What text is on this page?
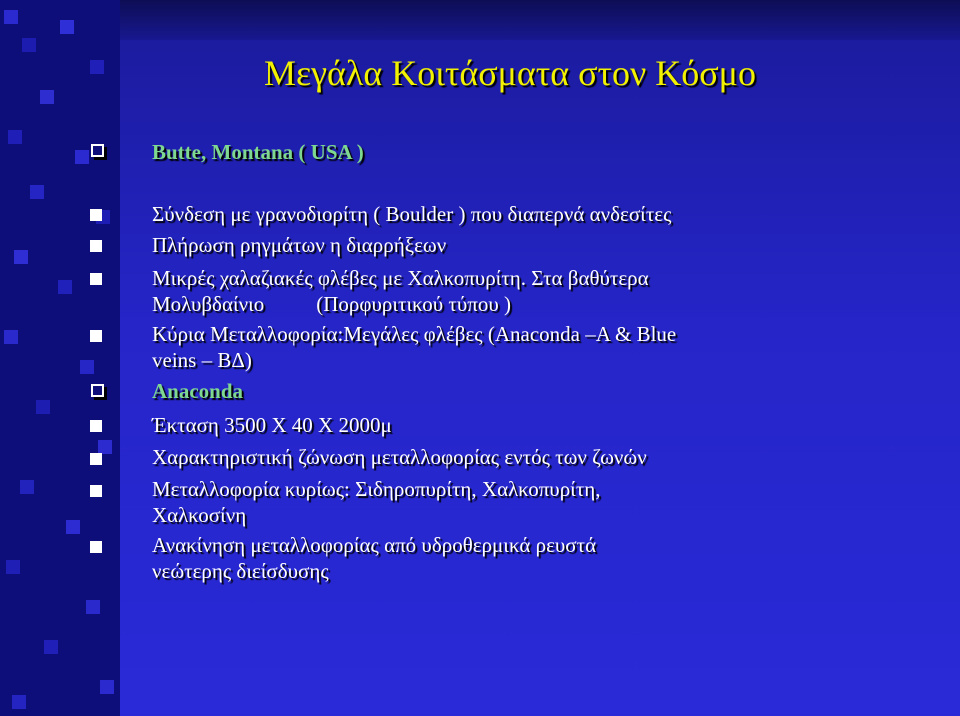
Μεγάλα Κοιτάσματα στον Κόσμο
Butte, Montana ( USA )
Σύνδεση με γρανοδιορίτη ( Boulder ) που διαπερνά ανδεσίτες
Πλήρωση ρηγμάτων η διαρρήξεων
Μικρές χαλαζιακές φλέβες με Χαλκοπυρίτη. Στα βαθύτερα
Μολυβδαίνιο (Πορφυριτικού τύπου )
Κύρια Μεταλλοφορία:Μεγάλες φλέβες (Anaconda –A & Blue
veins – ΒΔ)
Anaconda
Έκταση 3500 Χ 40 Χ 2000μ
Χαρακτηριστική ζώνωση μεταλλοφορίας εντός των ζωνών
Μεταλλοφορία κυρίως: Σιδηροπυρίτη, Χαλκοπυρίτη,
Χαλκοσίνη
Ανακίνηση μεταλλοφορίας από υδροθερμικά ρευστά
νεώτερης διείσδυσης
